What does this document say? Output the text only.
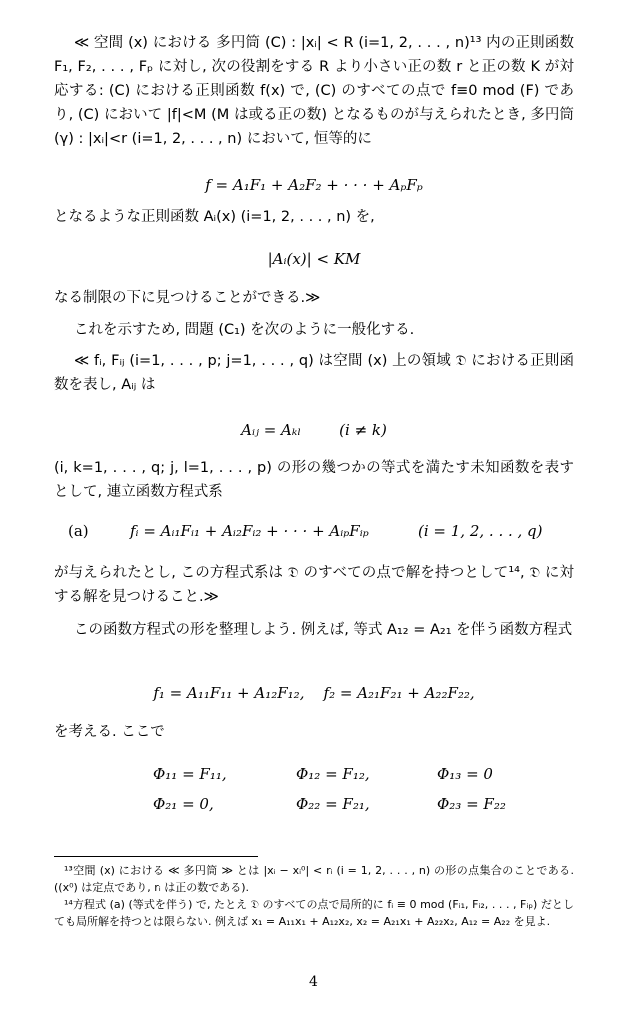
≪ 空間 (x) における 多円筒 (C) : |xᵢ| < R (i=1, 2, . . . , n)¹³ 内の正則函数 F₁, F₂, . . . , Fₚ に対し, 次の役割をする R より小さい正の数 r と正の数 K が対応する: (C) における正則函数 f(x) で, (C) のすべての点で f≡0 mod (F) であり, (C) において |f|<M (M は或る正の数) となるものが与えられたとき, 多円筒 (γ) : |xᵢ|<r (i=1, 2, . . . , n) において, 恒等的に

f = A₁F₁ + A₂F₂ + · · · + AₚFₚ

となるような正則函数 Aᵢ(x) (i=1, 2, . . . , n) を,

|Aᵢ(x)| < KM

なる制限の下に見つけることができる.≫

これを示すため, 問題 (C₁) を次のように一般化する.

≪ fᵢ, Fᵢⱼ (i=1, . . . , p; j=1, . . . , q) は空間 (x) 上の領域 𝔇 における正則函数を表し, Aᵢⱼ は

Aᵢⱼ = Aₖₗ        (i ≠ k)

(i, k=1, . . . , q; j, l=1, . . . , p) の形の幾つかの等式を満たす未知函数を表すとして, 連立函数方程式系

(a)	fᵢ = Aᵢ₁Fᵢ₁ + Aᵢ₂Fᵢ₂ + · · · + AᵢₚFᵢₚ	(i = 1, 2, . . . , q)

が与えられたとし, この方程式系は 𝔇 のすべての点で解を持つとして¹⁴, 𝔇 に対する解を見つけること.≫

この函数方程式の形を整理しよう. 例えば, 等式 A₁₂ = A₂₁ を伴う函数方程式

f₁ = A₁₁F₁₁ + A₁₂F₁₂,    f₂ = A₂₁F₂₁ + A₂₂F₂₂,

を考える. ここで

Φ₁₁ = F₁₁,	Φ₁₂ = F₁₂,	Φ₁₃ = 0
Φ₂₁ = 0,	Φ₂₂ = F₂₁,	Φ₂₃ = F₂₂

¹³空間 (x) における ≪ 多円筒 ≫ とは |xᵢ − xᵢ⁰| < rᵢ (i = 1, 2, . . . , n) の形の点集合のことである. ((x⁰) は定点であり, rᵢ は正の数である).

¹⁴方程式 (a) (等式を伴う) で, たとえ 𝔇 のすべての点で局所的に fᵢ ≡ 0 mod (Fᵢ₁, Fᵢ₂, . . . , Fᵢₚ) だとしても局所解を持つとは限らない. 例えば x₁ = A₁₁x₁ + A₁₂x₂, x₂ = A₂₁x₁ + A₂₂x₂, A₁₂ = A₂₂ を見よ.

4
